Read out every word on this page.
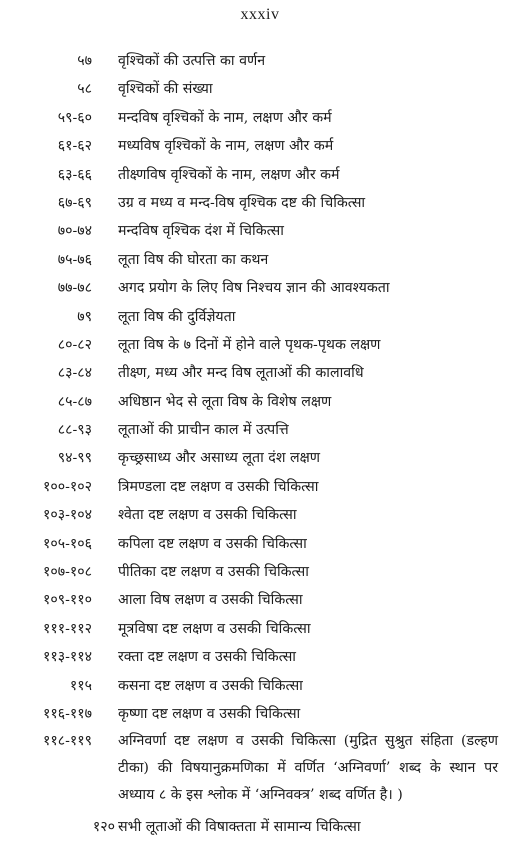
xxxiv
५७ वृश्चिकों की उत्पत्ति का वर्णन
५८ वृश्चिकों की संख्या
५९-६० मन्दविष वृश्चिकों के नाम, लक्षण और कर्म
६१-६२ मध्यविष वृश्चिकों के नाम, लक्षण और कर्म
६३-६६ तीक्ष्णविष वृश्चिकों के नाम, लक्षण और कर्म
६७-६९ उग्र व मध्य व मन्द-विष वृश्चिक दष्ट की चिकित्सा
७०-७४ मन्दविष वृश्चिक दंश में चिकित्सा
७५-७६ लूता विष की घोरता का कथन
७७-७८ अगद प्रयोग के लिए विष निश्चय ज्ञान की आवश्यकता
७९ लूता विष की दुर्विज्ञेयता
८०-८२ लूता विष के ७ दिनों में होने वाले पृथक-पृथक लक्षण
८३-८४ तीक्ष्ण, मध्य और मन्द विष लूताओं की कालावधि
८५-८७ अधिष्ठान भेद से लूता विष के विशेष लक्षण
८८-९३ लूताओं की प्राचीन काल में उत्पत्ति
९४-९९ कृच्छ्रसाध्य और असाध्य लूता दंश लक्षण
१००-१०२ त्रिमण्डला दष्ट लक्षण व उसकी चिकित्सा
१०३-१०४ श्वेता दष्ट लक्षण व उसकी चिकित्सा
१०५-१०६ कपिला दष्ट लक्षण व उसकी चिकित्सा
१०७-१०८ पीतिका दष्ट लक्षण व उसकी चिकित्सा
१०९-११० आला विष लक्षण व उसकी चिकित्सा
१११-११२ मूत्रविषा दष्ट लक्षण व उसकी चिकित्सा
११३-११४ रक्ता दष्ट लक्षण व उसकी चिकित्सा
११५ कसना दष्ट लक्षण व उसकी चिकित्सा
११६-११७ कृष्णा दष्ट लक्षण व उसकी चिकित्सा
११८-११९ अग्निवर्णा दष्ट लक्षण व उसकी चिकित्सा (मुद्रित सुश्रुत संहिता (डल्हण टीका) की विषयानुक्रमणिका में वर्णित ‘अग्निवर्णा’ शब्द के स्थान पर अध्याय ८ के इस श्लोक में ‘अग्निवक्त्र’ शब्द वर्णित है। )
१२० सभी लूताओं की विषाक्तता में सामान्य चिकित्सा
